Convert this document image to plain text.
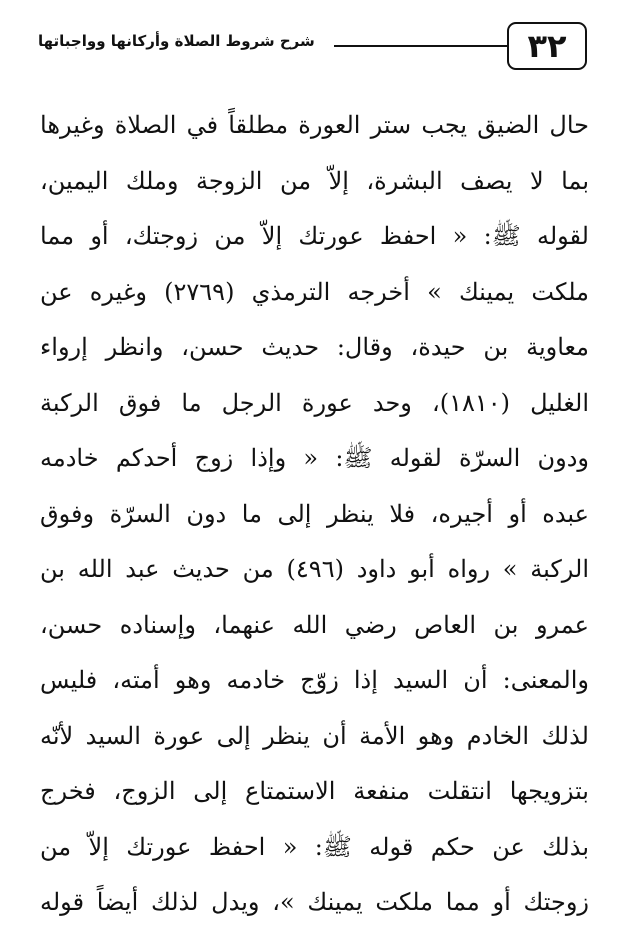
٣٢
شرح شروط الصلاة وأركانها وواجباتها
حال الضيق يجب ستر العورة مطلقاً في الصلاة وغيرها
بما لا يصف البشرة، إلاّ من الزوجة وملك اليمين،
لقوله ﷺ: « احفظ عورتك إلاّ من زوجتك، أو مما
ملكت يمينك » أخرجه الترمذي (٢٧٦٩) وغيره عن
معاوية بن حيدة، وقال: حديث حسن، وانظر إرواء
الغليل (١٨١٠)، وحد عورة الرجل ما فوق الركبة
ودون السرّة لقوله ﷺ: « وإذا زوج أحدكم خادمه
عبده أو أجيره، فلا ينظر إلى ما دون السرّة وفوق
الركبة » رواه أبو داود (٤٩٦) من حديث عبد الله بن
عمرو بن العاص رضي الله عنهما، وإسناده حسن،
والمعنى: أن السيد إذا زوّج خادمه وهو أمته، فليس
لذلك الخادم وهو الأمة أن ينظر إلى عورة السيد لأنّه
بتزويجها انتقلت منفعة الاستمتاع إلى الزوج، فخرج
بذلك عن حكم قوله ﷺ: « احفظ عورتك إلاّ من
زوجتك أو مما ملكت يمينك »، ويدل لذلك أيضاً قوله
